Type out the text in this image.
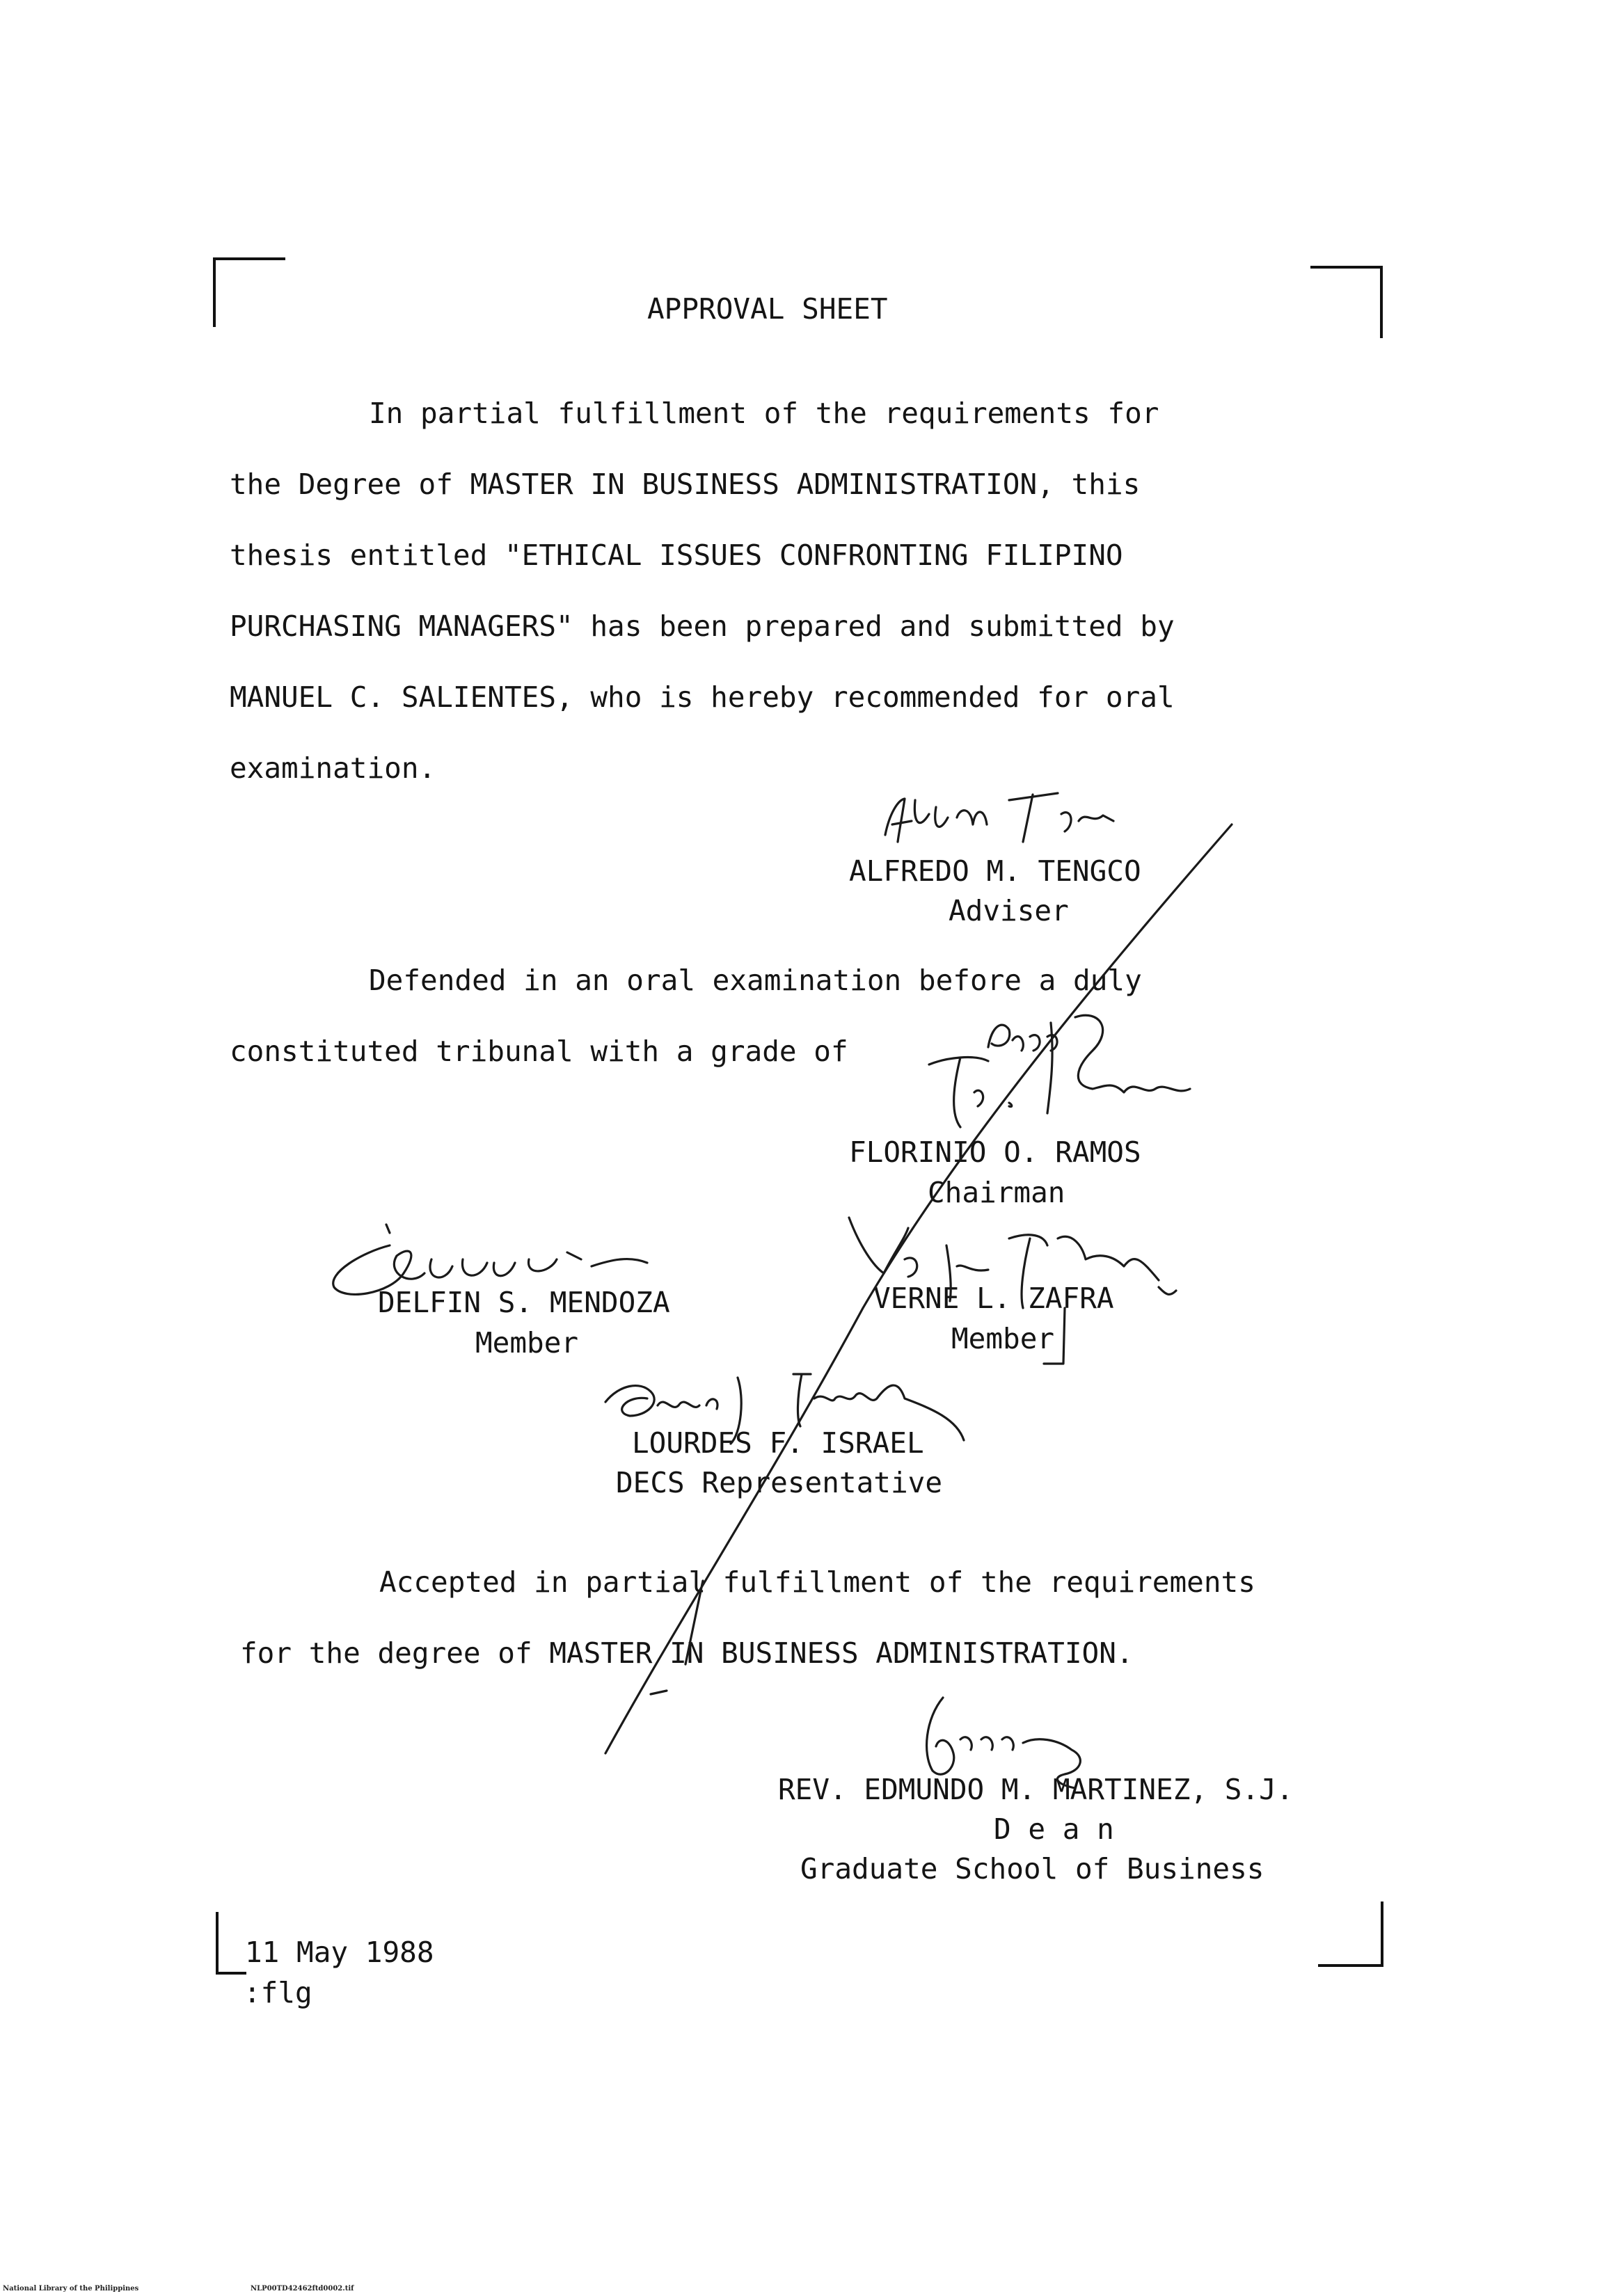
APPROVAL SHEET
In partial fulfillment of the requirements for
the Degree of MASTER IN BUSINESS ADMINISTRATION, this
thesis entitled "ETHICAL ISSUES CONFRONTING FILIPINO
PURCHASING MANAGERS" has been prepared and submitted by
MANUEL C. SALIENTES, who is hereby recommended for oral
examination.
ALFREDO M. TENGCO
Adviser
Defended in an oral examination before a duly
constituted tribunal with a grade of
FLORINIO O. RAMOS
Chairman
DELFIN S. MENDOZA
Member
VERNE L. ZAFRA
Member
LOURDES F. ISRAEL
DECS Representative
Accepted in partial fulfillment of the requirements
for the degree of MASTER IN BUSINESS ADMINISTRATION.
REV. EDMUNDO M. MARTINEZ, S.J.
D e a n
Graduate School of Business
11 May 1988
:flg
National Library of the Philippines	NLP00TD42462ftd0002.tif
